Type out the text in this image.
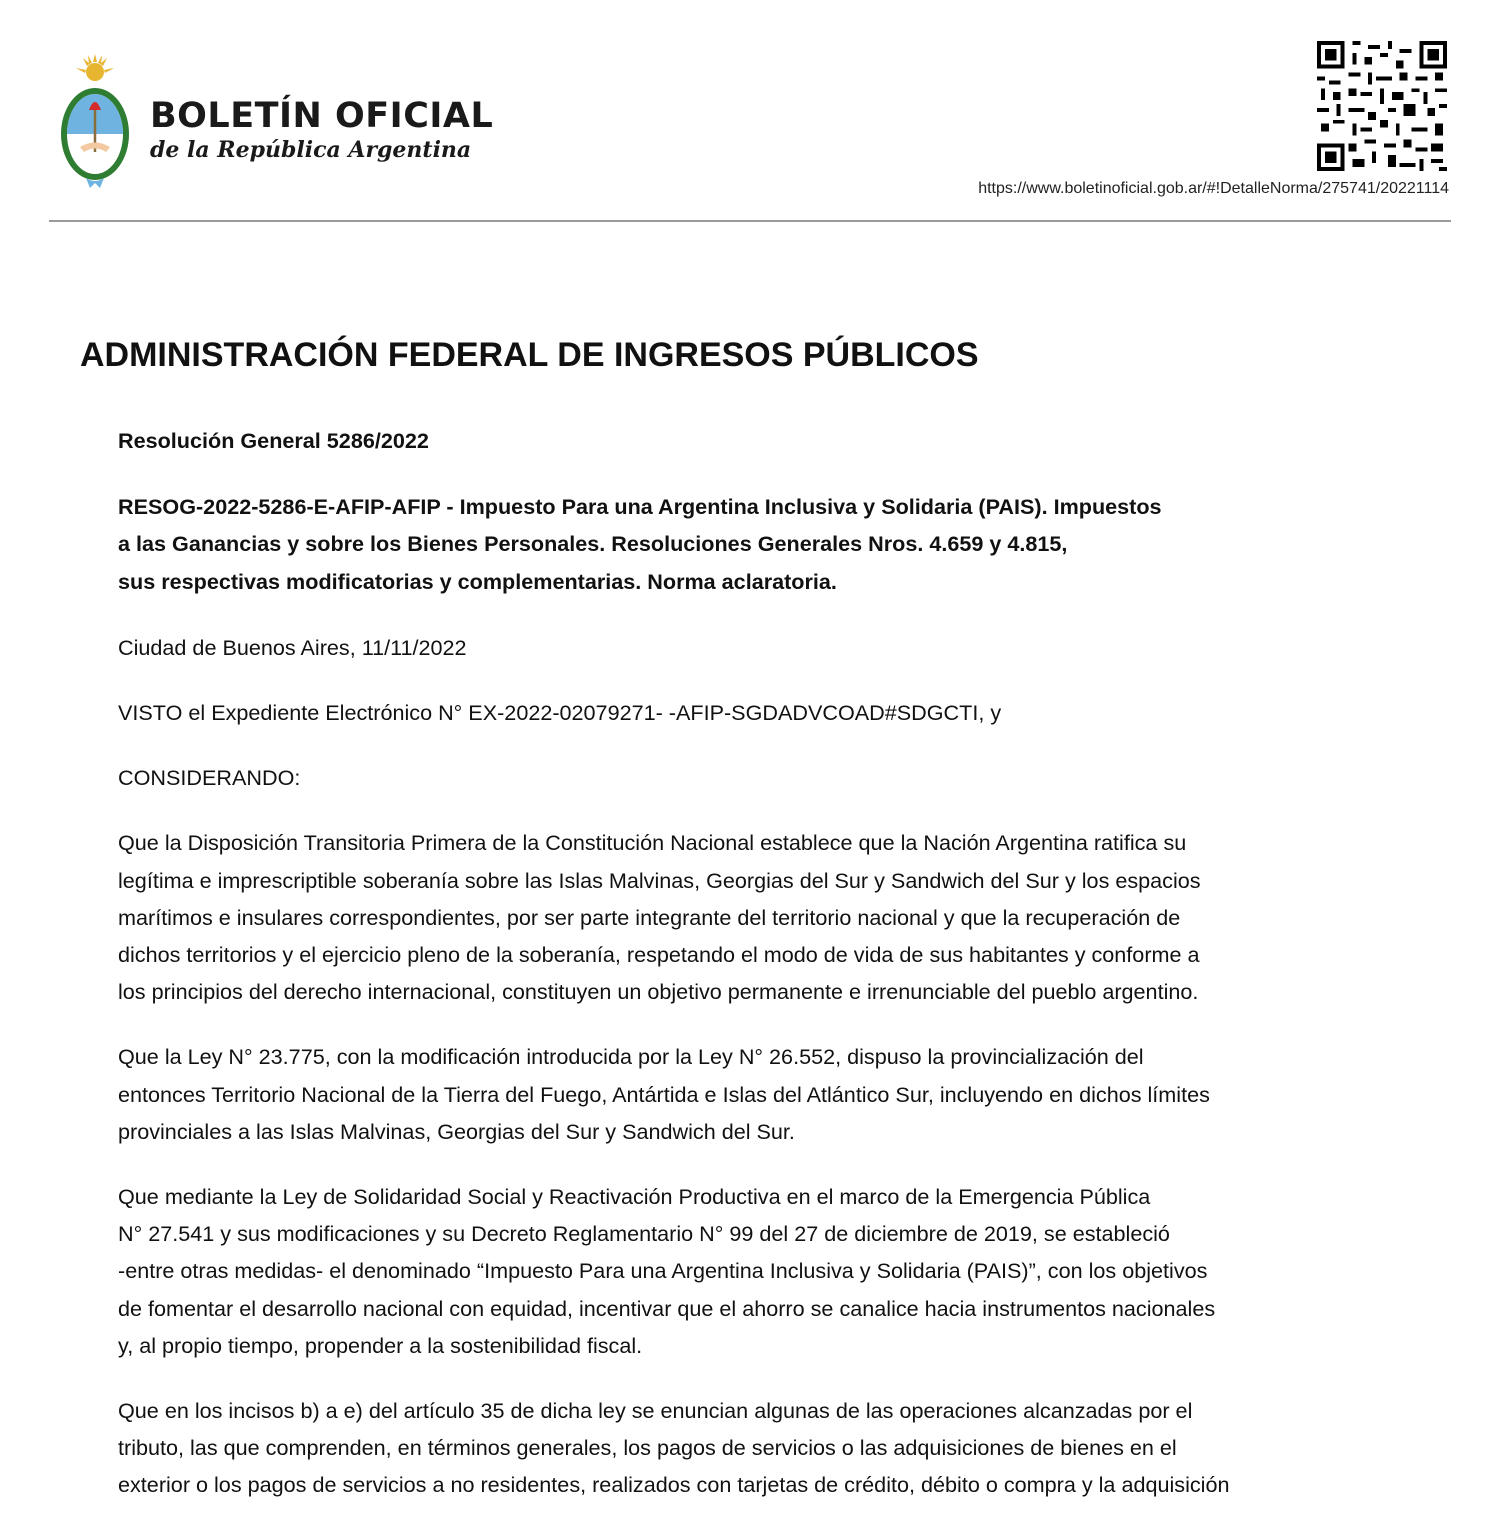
BOLETÍN OFICIAL
de la República Argentina
https://www.boletinoficial.gob.ar/#!DetalleNorma/275741/20221114
ADMINISTRACIÓN FEDERAL DE INGRESOS PÚBLICOS

Resolución General 5286/2022

RESOG-2022-5286-E-AFIP-AFIP - Impuesto Para una Argentina Inclusiva y Solidaria (PAIS). Impuestos
a las Ganancias y sobre los Bienes Personales. Resoluciones Generales Nros. 4.659 y 4.815,
sus respectivas modificatorias y complementarias. Norma aclaratoria.

Ciudad de Buenos Aires, 11/11/2022

VISTO el Expediente Electrónico N° EX-2022-02079271- -AFIP-SGDADVCOAD#SDGCTI, y

CONSIDERANDO:

Que la Disposición Transitoria Primera de la Constitución Nacional establece que la Nación Argentina ratifica su
legítima e imprescriptible soberanía sobre las Islas Malvinas, Georgias del Sur y Sandwich del Sur y los espacios
marítimos e insulares correspondientes, por ser parte integrante del territorio nacional y que la recuperación de
dichos territorios y el ejercicio pleno de la soberanía, respetando el modo de vida de sus habitantes y conforme a
los principios del derecho internacional, constituyen un objetivo permanente e irrenunciable del pueblo argentino.

Que la Ley N° 23.775, con la modificación introducida por la Ley N° 26.552, dispuso la provincialización del
entonces Territorio Nacional de la Tierra del Fuego, Antártida e Islas del Atlántico Sur, incluyendo en dichos límites
provinciales a las Islas Malvinas, Georgias del Sur y Sandwich del Sur.

Que mediante la Ley de Solidaridad Social y Reactivación Productiva en el marco de la Emergencia Pública
N° 27.541 y sus modificaciones y su Decreto Reglamentario N° 99 del 27 de diciembre de 2019, se estableció
-entre otras medidas- el denominado “Impuesto Para una Argentina Inclusiva y Solidaria (PAIS)”, con los objetivos
de fomentar el desarrollo nacional con equidad, incentivar que el ahorro se canalice hacia instrumentos nacionales
y, al propio tiempo, propender a la sostenibilidad fiscal.

Que en los incisos b) a e) del artículo 35 de dicha ley se enuncian algunas de las operaciones alcanzadas por el
tributo, las que comprenden, en términos generales, los pagos de servicios o las adquisiciones de bienes en el
exterior o los pagos de servicios a no residentes, realizados con tarjetas de crédito, débito o compra y la adquisición
